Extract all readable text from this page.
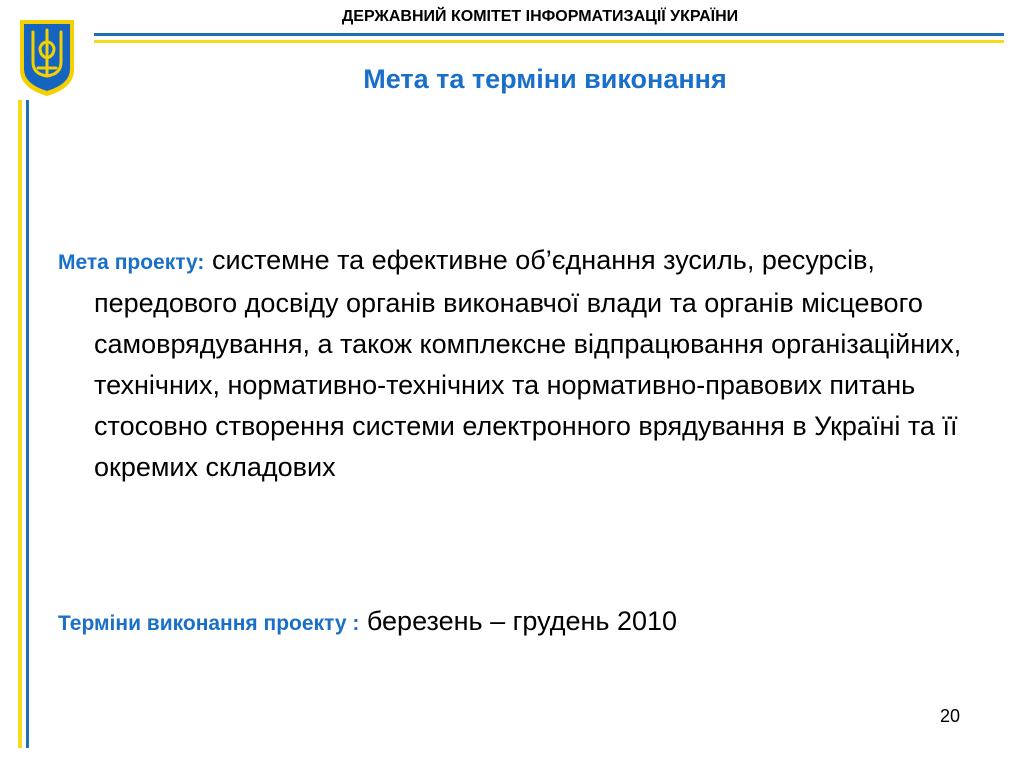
ДЕРЖАВНИЙ КОМІТЕТ ІНФОРМАТИЗАЦІЇ УКРАЇНИ
Мета та терміни виконання
Мета проекту: системне та ефективне об’єднання зусиль, ресурсів, передового досвіду органів виконавчої влади та органів місцевого самоврядування, а також комплексне відпрацювання організаційних, технічних, нормативно-технічних та нормативно-правових питань стосовно створення системи електронного врядування в Україні та її окремих складових
Терміни виконання проекту : березень – грудень 2010
20
